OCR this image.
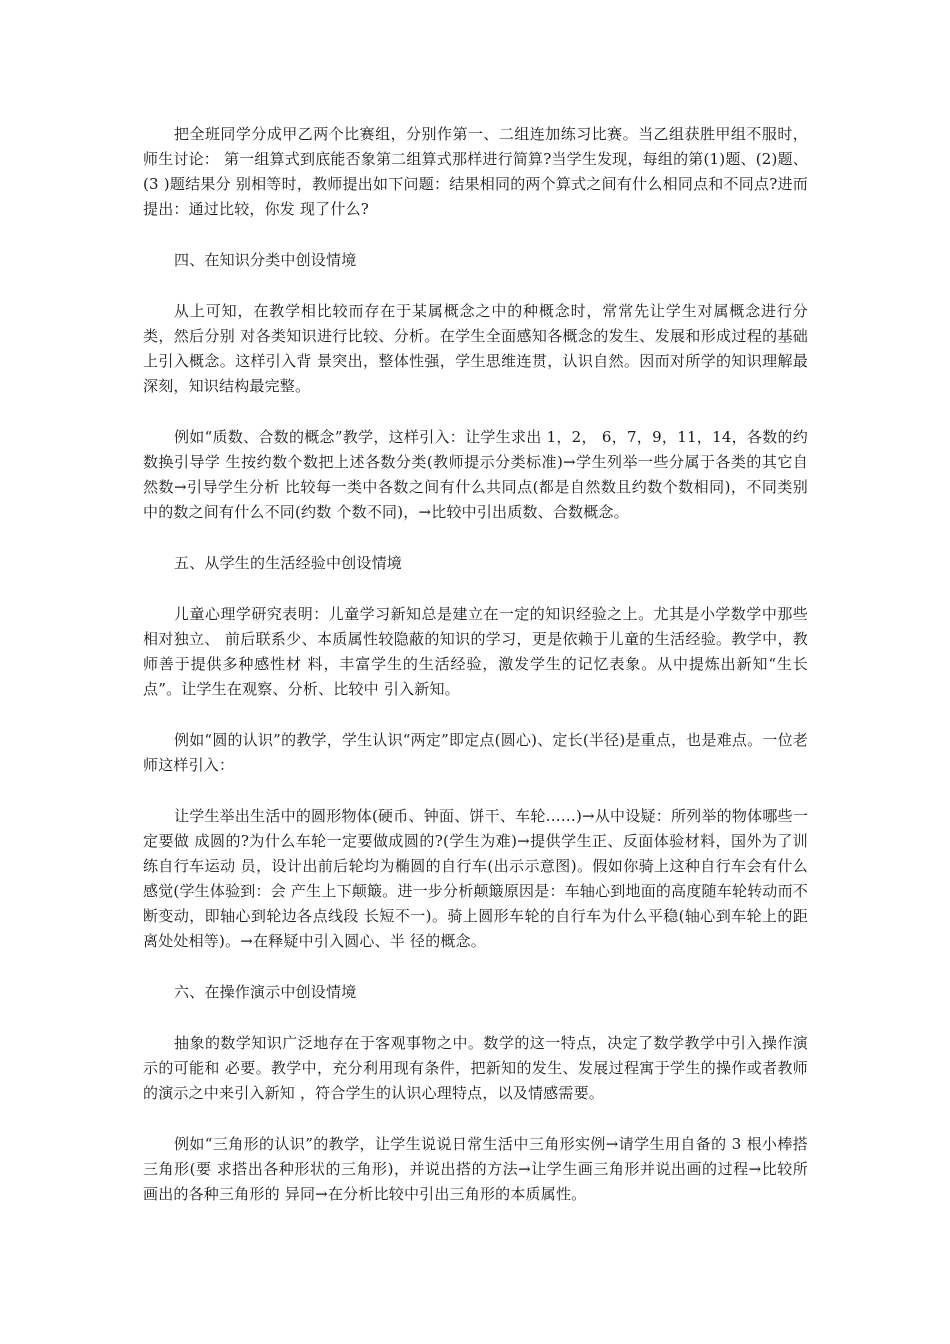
把全班同学分成甲乙两个比赛组，分别作第一、二组连加练习比赛。当乙组获胜甲组不服时，师生讨论： 第一组算式到底能否象第二组算式那样进行简算?当学生发现，每组的第(1)题、(2)题、(3 )题结果分 别相等时，教师提出如下问题：结果相同的两个算式之间有什么相同点和不同点?进而提出：通过比较，你发 现了什么?

四、在知识分类中创设情境

从上可知，在教学相比较而存在于某属概念之中的种概念时，常常先让学生对属概念进行分类，然后分别 对各类知识进行比较、分析。在学生全面感知各概念的发生、发展和形成过程的基础上引入概念。这样引入背 景突出，整体性强，学生思维连贯，认识自然。因而对所学的知识理解最深刻，知识结构最完整。

例如“质数、合数的概念”教学，这样引入：让学生求出 1，2， 6，7，9，11，14，各数的约数换引导学 生按约数个数把上述各数分类(教师提示分类标准)→学生列举一些分属于各类的其它自然数→引导学生分析 比较每一类中各数之间有什么共同点(都是自然数且约数个数相同)，不同类别中的数之间有什么不同(约数 个数不同)，→比较中引出质数、合数概念。

五、从学生的生活经验中创设情境

儿童心理学研究表明：儿童学习新知总是建立在一定的知识经验之上。尤其是小学数学中那些相对独立、 前后联系少、本质属性较隐蔽的知识的学习，更是依赖于儿童的生活经验。教学中，教师善于提供多种感性材 料，丰富学生的生活经验，激发学生的记忆表象。从中提炼出新知“生长点”。让学生在观察、分析、比较中 引入新知。

例如“圆的认识”的教学，学生认识“两定”即定点(圆心)、定长(半径)是重点，也是难点。一位老 师这样引入：

让学生举出生活中的圆形物体(硬币、钟面、饼干、车轮……)→从中设疑：所列举的物体哪些一定要做 成圆的?为什么车轮一定要做成圆的?(学生为难)→提供学生正、反面体验材料，国外为了训练自行车运动 员，设计出前后轮均为椭圆的自行车(出示示意图)。假如你骑上这种自行车会有什么感觉(学生体验到：会 产生上下颠簸。进一步分析颠簸原因是：车轴心到地面的高度随车轮转动而不断变动，即轴心到轮边各点线段 长短不一)。骑上圆形车轮的自行车为什么平稳(轴心到车轮上的距离处处相等)。→在释疑中引入圆心、半 径的概念。

六、在操作演示中创设情境

抽象的数学知识广泛地存在于客观事物之中。数学的这一特点，决定了数学教学中引入操作演示的可能和 必要。教学中，充分利用现有条件，把新知的发生、发展过程寓于学生的操作或者教师的演示之中来引入新知 ，符合学生的认识心理特点，以及情感需要。

例如“三角形的认识”的教学，让学生说说日常生活中三角形实例→请学生用自备的 3 根小棒搭三角形(要 求搭出各种形状的三角形)，并说出搭的方法→让学生画三角形并说出画的过程→比较所画出的各种三角形的 异同→在分析比较中引出三角形的本质属性。
